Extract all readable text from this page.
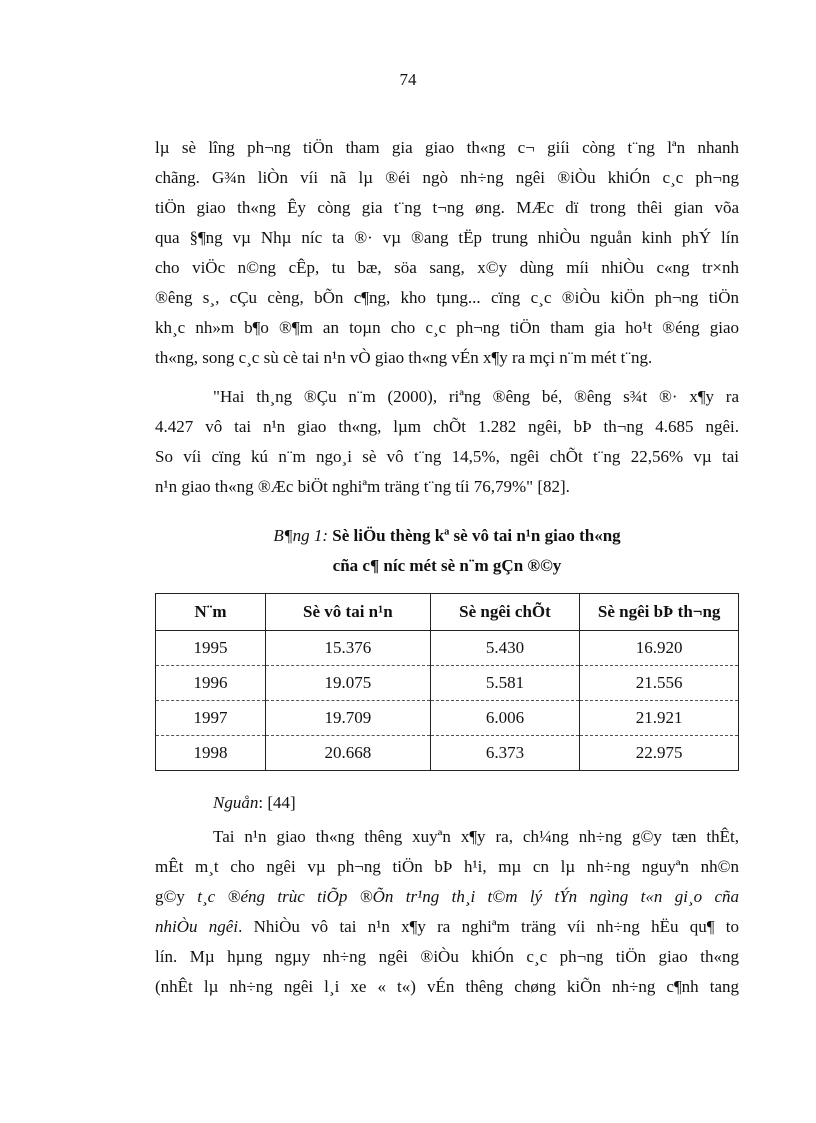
74
lµ sè lîng ph¬ng tiÖn tham gia giao th«ng c¬ giíi còng t¨ng lªn nhanh
chãng. G¾n liÒn víi nã lµ ®éi ngò nh÷ng ngêi ®iÒu khiÓn c¸c ph¬ng
tiÖn giao th«ng Êy còng gia t¨ng t¬ng øng. MÆc dï trong thêi gian võa
qua §¶ng vµ Nhµ níc ta ®· vµ ®ang tËp trung nhiÒu nguån kinh phÝ lín
cho viÖc n©ng cÊp, tu bæ, söa sang, x©y dùng míi nhiÒu c«ng tr×nh
®êng s¸, cÇu cèng, bÕn c¶ng, kho tµng... cïng c¸c ®iÒu kiÖn ph¬ng tiÖn
kh¸c nh»m b¶o ®¶m an toµn cho c¸c ph¬ng tiÖn tham gia ho¹t ®éng giao
th«ng, song c¸c sù cè tai n¹n vÒ giao th«ng vÉn x¶y ra mçi n¨m mét t¨ng.
"Hai th¸ng ®Çu n¨m (2000), riªng ®êng bé, ®êng s¾t ®· x¶y ra
4.427 vô tai n¹n giao th«ng, lµm chÕt 1.282 ngêi, bÞ th¬ng 4.685 ngêi.
So víi cïng kú n¨m ngo¸i sè vô t¨ng 14,5%, ngêi chÕt t¨ng 22,56% vµ tai
n¹n giao th«ng ®Æc biÖt nghiªm träng t¨ng tíi 76,79%" [82].
B¶ng 1: Sè liÖu thèng kª sè vô tai n¹n giao th«ng
cña c¶ níc mét sè n¨m gÇn ®©y
N¨m	Sè vô tai n¹n	Sè ngêi chÕt	Sè ngêi bÞ th¬ng
1995	15.376	5.430	16.920
1996	19.075	5.581	21.556
1997	19.709	6.006	21.921
1998	20.668	6.373	22.975
Nguån: [44]
Tai n¹n giao th«ng thêng xuyªn x¶y ra, ch¼ng nh÷ng g©y tæn thÊt,
mÊt m¸t cho ngêi vµ ph¬ng tiÖn bÞ h¹i, mµ cn lµ nh÷ng nguyªn nh©n
g©y t¸c ®éng trùc tiÕp ®Õn tr¹ng th¸i t©m lý tÝn ngìng t«n gi¸o cña
nhiÒu ngêi. NhiÒu vô tai n¹n x¶y ra nghiªm träng víi nh÷ng hËu qu¶ to
lín. Mµ hµng ngµy nh÷ng ngêi ®iÒu khiÓn c¸c ph¬ng tiÖn giao th«ng
(nhÊt lµ nh÷ng ngêi l¸i xe « t«) vÉn thêng chøng kiÕn nh÷ng c¶nh tang
